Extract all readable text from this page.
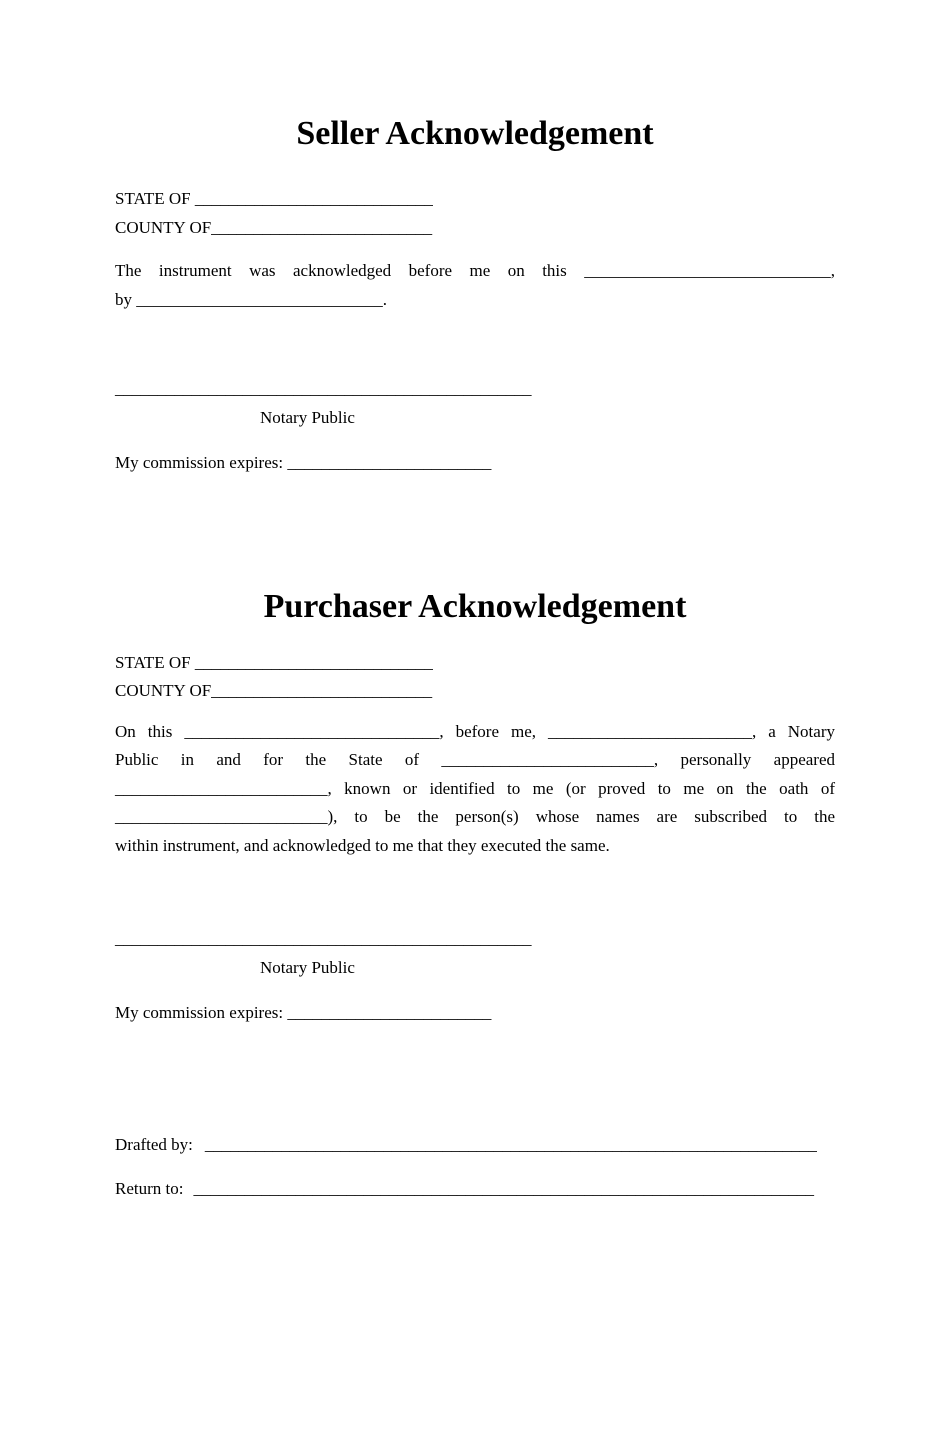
Seller Acknowledgement
STATE OF ____________________________
COUNTY OF__________________________
The instrument was acknowledged before me on this _____________________________,
by _____________________________.
_________________________________________________
Notary Public
My commission expires: ________________________
Purchaser Acknowledgement
STATE OF ____________________________
COUNTY OF__________________________
On this ______________________________, before me, ________________________, a Notary
Public in and for the State of _________________________, personally appeared
_________________________, known or identified to me (or proved to me on the oath of
_________________________), to be the person(s) whose names are subscribed to the
within instrument, and acknowledged to me that they executed the same.
_________________________________________________
Notary Public
My commission expires: ________________________
Drafted by: ________________________________________________________________________
Return to: _________________________________________________________________________
